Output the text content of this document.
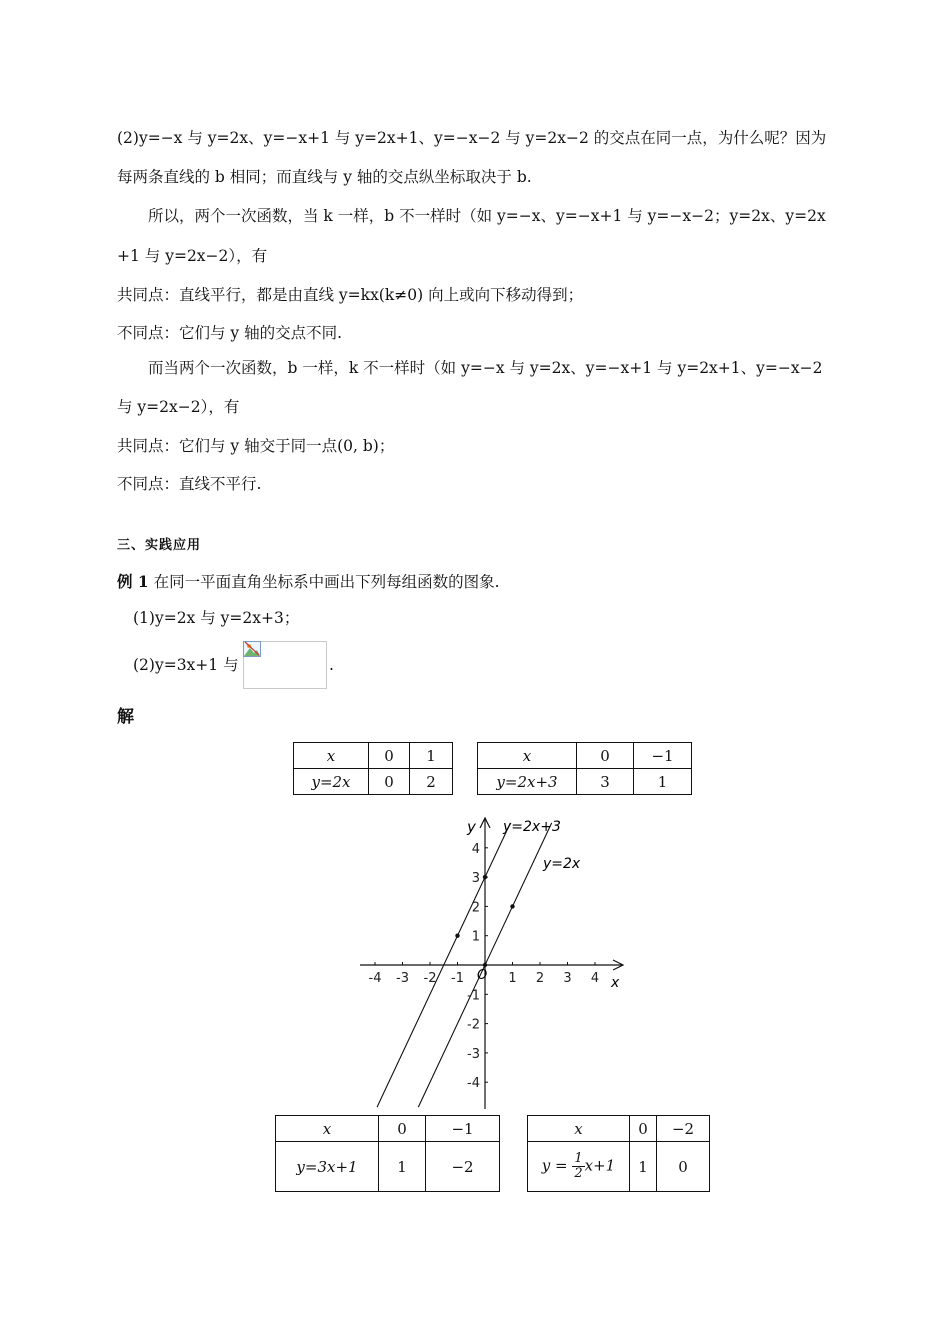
(2)y=−x 与 y=2x、y=−x+1 与 y=2x+1、y=−x−2 与 y=2x−2 的交点在同一点，为什么呢？因为
每两条直线的 b 相同；而直线与 y 轴的交点纵坐标取决于 b.
所以，两个一次函数，当 k 一样，b 不一样时（如 y=−x、y=−x+1 与 y=−x−2；y=2x、y=2x
+1 与 y=2x−2），有
共同点：直线平行，都是由直线 y=kx(k≠0) 向上或向下移动得到；
不同点：它们与 y 轴的交点不同.
而当两个一次函数，b 一样，k 不一样时（如 y=−x 与 y=2x、y=−x+1 与 y=2x+1、y=−x−2
与 y=2x−2），有
共同点：它们与 y 轴交于同一点(0, b)；
不同点：直线不平行.
三、实践应用
例 1 在同一平面直角坐标系中画出下列每组函数的图象.
(1)y=2x 与 y=2x+3；
(2)y=3x+1 与	.
解
x	0	1
y=2x	0	2
x	0	−1
y=2x+3	3	1
-4 -3 -2 -1	1 2 3 4
4
3
2
1
-1
-2
-3
-4
O	x
y y=2x+3
y=2x
x	0	−1
y=3x+1	1	−2
x	0	−2
$y = \frac{1}{2} x+1$	1	0
